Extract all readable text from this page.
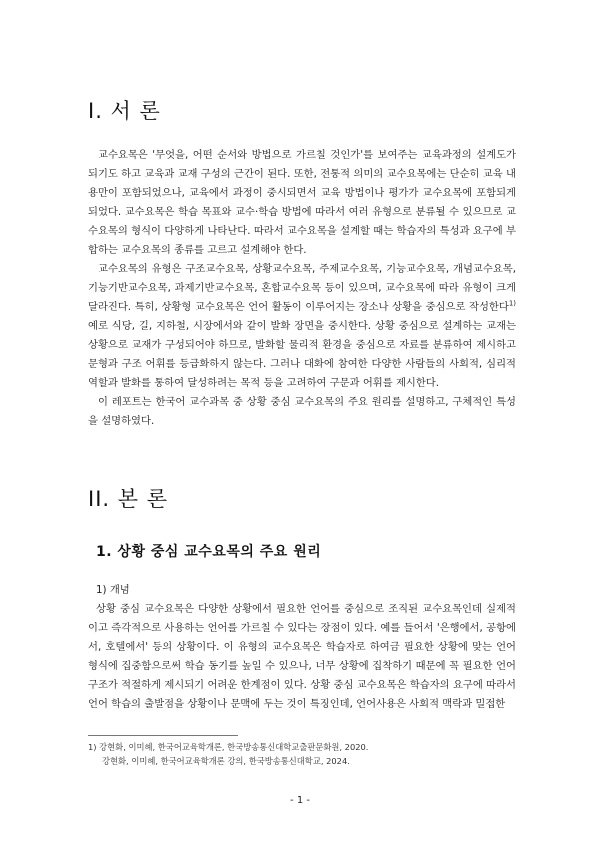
I. 서 론

교수요목은 '무엇을, 어떤 순서와 방법으로 가르칠 것인가'를 보여주는 교육과정의 설계도가 되기도 하고 교육과 교재 구성의 근간이 된다. 또한, 전통적 의미의 교수요목에는 단순히 교육 내용만이 포함되었으나, 교육에서 과정이 중시되면서 교육 방법이나 평가가 교수요목에 포함되게 되었다. 교수요목은 학습 목표와 교수·학습 방법에 따라서 여러 유형으로 분류될 수 있으므로 교수요목의 형식이 다양하게 나타난다. 따라서 교수요목을 설계할 때는 학습자의 특성과 요구에 부합하는 교수요목의 종류를 고르고 설계해야 한다.

교수요목의 유형은 구조교수요목, 상황교수요목, 주제교수요목, 기능교수요목, 개념교수요목, 기능기반교수요목, 과제기반교수요목, 혼합교수요목 등이 있으며, 교수요목에 따라 유형이 크게 달라진다. 특히, 상황형 교수요목은 언어 활동이 이루어지는 장소나 상황을 중심으로 작성한다$^{1)}$ 예로 식당, 길, 지하철, 시장에서와 같이 발화 장면을 중시한다. 상황 중심으로 설계하는 교재는 상황으로 교재가 구성되어야 하므로, 발화할 물리적 환경을 중심으로 자료를 분류하여 제시하고 문형과 구조 어휘를 등급화하지 않는다. 그러나 대화에 참여한 다양한 사람들의 사회적, 심리적 역할과 발화를 통하여 달성하려는 목적 등을 고려하여 구문과 어휘를 제시한다.

이 레포트는 한국어 교수과목 중 상황 중심 교수요목의 주요 원리를 설명하고, 구체적인 특성을 설명하였다.

II. 본 론
1. 상황 중심 교수요목의 주요 원리
1) 개념

상황 중심 교수요목은 다양한 상황에서 필요한 언어를 중심으로 조직된 교수요목인데 실제적이고 즉각적으로 사용하는 언어를 가르칠 수 있다는 장점이 있다. 예를 들어서 '은행에서, 공항에서, 호텔에서' 등의 상황이다. 이 유형의 교수요목은 학습자로 하여금 필요한 상황에 맞는 언어 형식에 집중함으로써 학습 동기를 높일 수 있으나, 너무 상황에 집착하기 때문에 꼭 필요한 언어 구조가 적절하게 제시되기 어려운 한계점이 있다. 상황 중심 교수요목은 학습자의 요구에 따라서 언어 학습의 출발점을 상황이나 문맥에 두는 것이 특징인데, 언어사용은 사회적 맥락과 밀접한

1) 강현화, 이미혜, 한국어교육학개론, 한국방송통신대학교출판문화원, 2020.
강현화, 이미혜, 한국어교육학개론 강의, 한국방송통신대학교, 2024.
- 1 -
